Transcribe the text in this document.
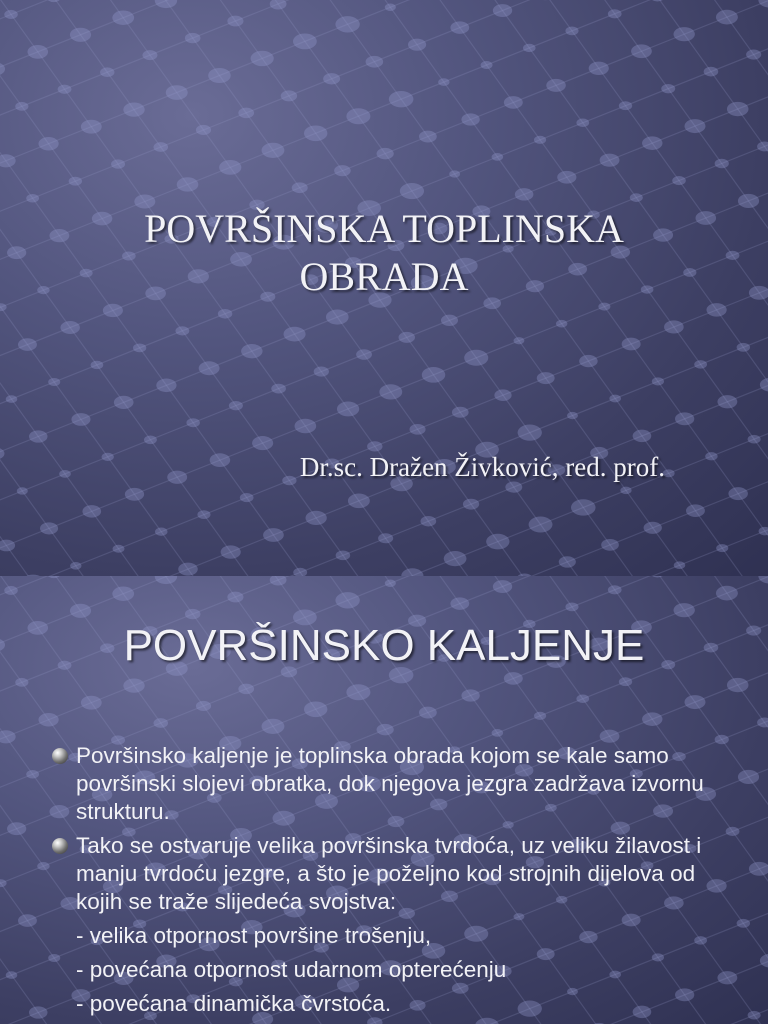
POVRŠINSKA TOPLINSKA
OBRADA
Dr.sc. Dražen Živković, red. prof.
POVRŠINSKO KALJENJE
Površinsko kaljenje je toplinska obrada kojom se kale samo površinski slojevi obratka, dok njegova jezgra zadržava izvornu strukturu.
Tako se ostvaruje velika površinska tvrdoća, uz veliku žilavost i manju tvrdoću jezgre, a što je poželjno kod strojnih dijelova od kojih se traže slijedeća svojstva:
- velika otpornost površine trošenju,
- povećana otpornost udarnom opterećenju
- povećana dinamička čvrstoća.
